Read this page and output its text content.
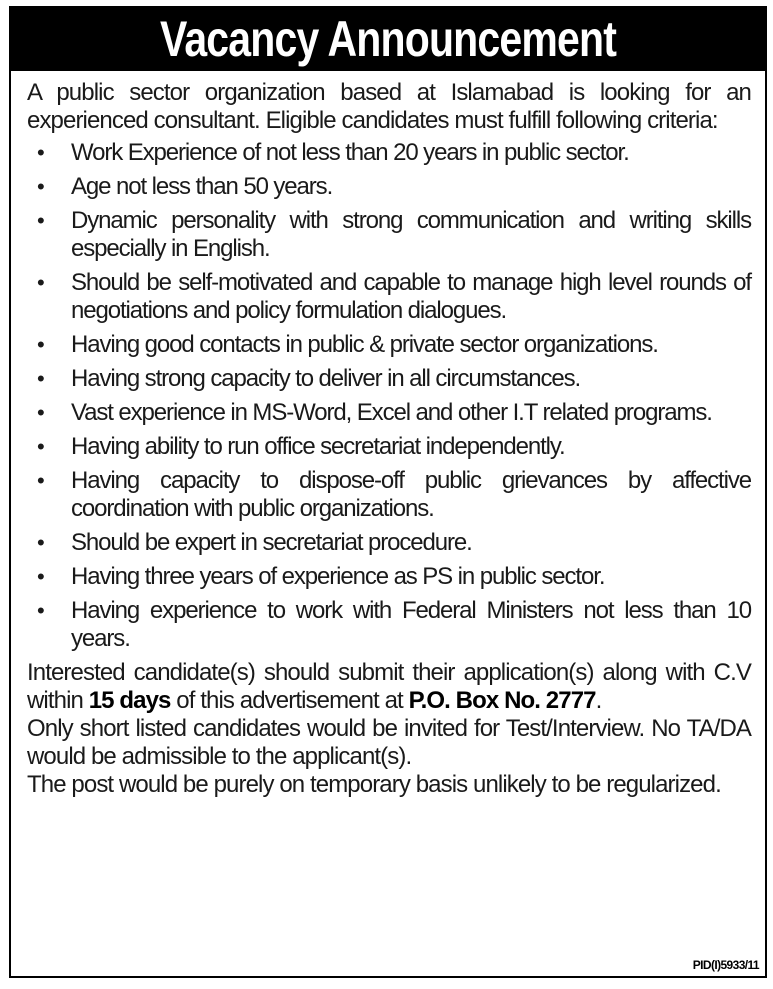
Vacancy Announcement

A public sector organization based at Islamabad is looking for an experienced consultant. Eligible candidates must fulfill following criteria:

• Work Experience of not less than 20 years in public sector.
• Age not less than 50 years.
• Dynamic personality with strong communication and writing skills especially in English.
• Should be self-motivated and capable to manage high level rounds of negotiations and policy formulation dialogues.
• Having good contacts in public & private sector organizations.
• Having strong capacity to deliver in all circumstances.
• Vast experience in MS-Word, Excel and other I.T related programs.
• Having ability to run office secretariat independently.
• Having capacity to dispose-off public grievances by affective coordination with public organizations.
• Should be expert in secretariat procedure.
• Having three years of experience as PS in public sector.
• Having experience to work with Federal Ministers not less than 10 years.

Interested candidate(s) should submit their application(s) along with C.V within 15 days of this advertisement at P.O. Box No. 2777.

Only short listed candidates would be invited for Test/Interview. No TA/DA would be admissible to the applicant(s).

The post would be purely on temporary basis unlikely to be regularized.

PID(I)5933/11
